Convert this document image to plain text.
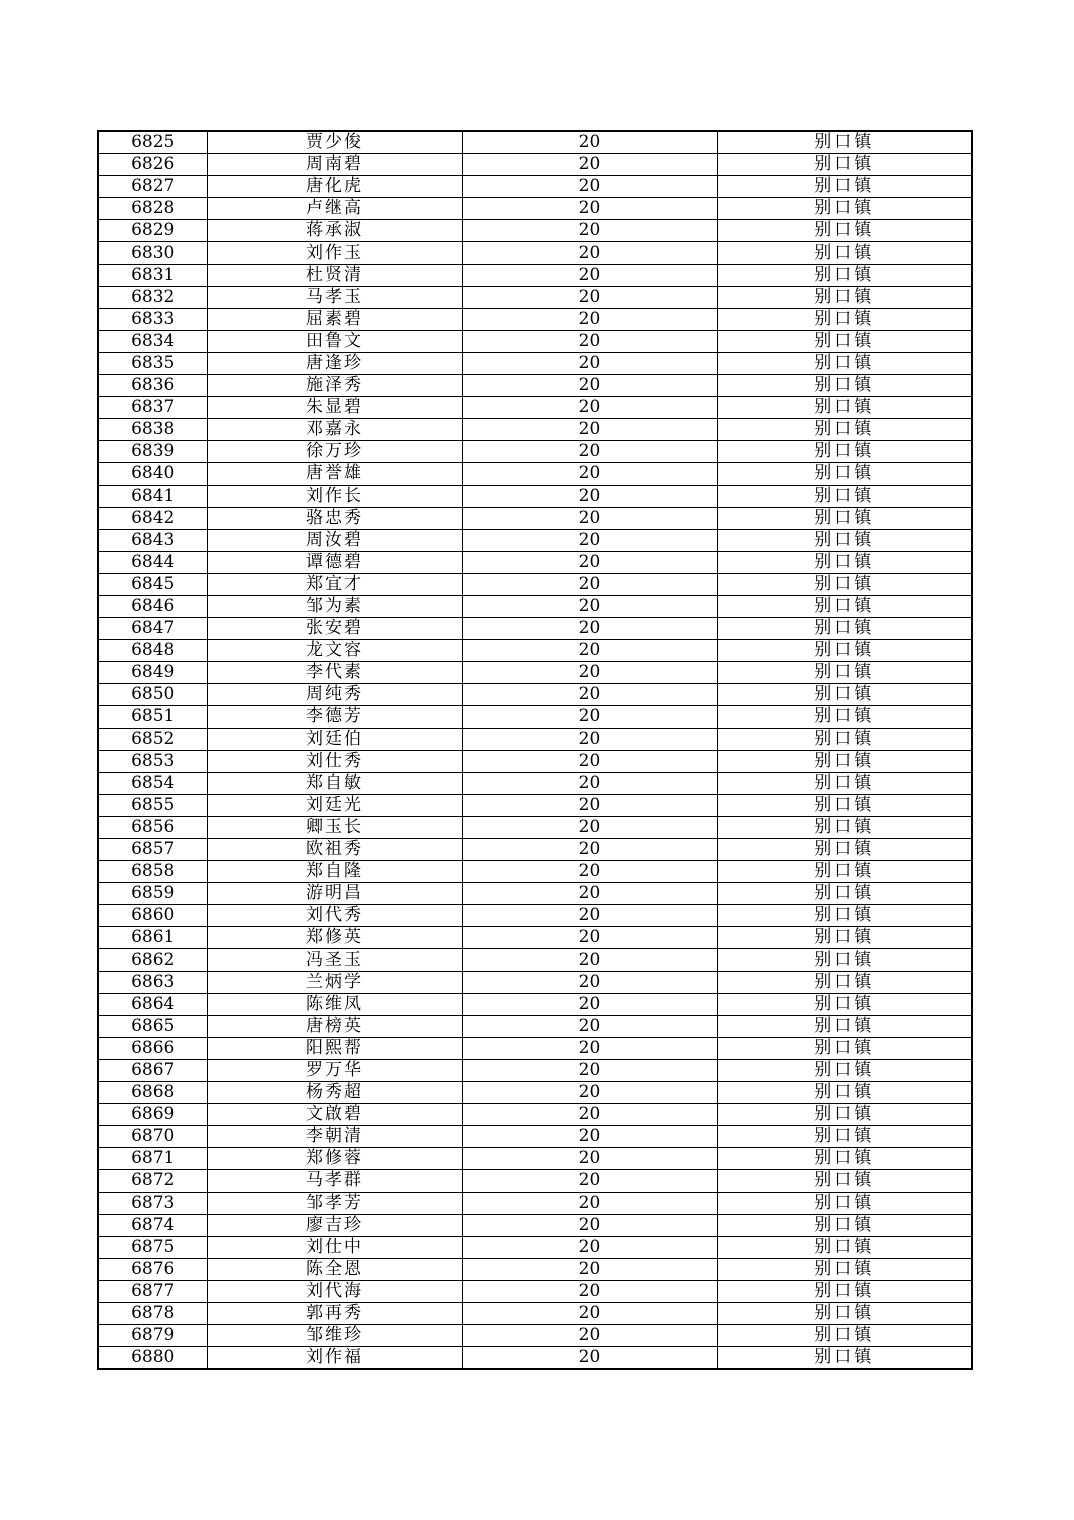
6825	贾少俊	20	别口镇
6826	周南碧	20	别口镇
6827	唐化虎	20	别口镇
6828	卢继高	20	别口镇
6829	蒋承淑	20	别口镇
6830	刘作玉	20	别口镇
6831	杜贤清	20	别口镇
6832	马孝玉	20	别口镇
6833	屈素碧	20	别口镇
6834	田鲁文	20	别口镇
6835	唐逢珍	20	别口镇
6836	施泽秀	20	别口镇
6837	朱显碧	20	别口镇
6838	邓嘉永	20	别口镇
6839	徐万珍	20	别口镇
6840	唐誉雄	20	别口镇
6841	刘作长	20	别口镇
6842	骆忠秀	20	别口镇
6843	周汝碧	20	别口镇
6844	谭德碧	20	别口镇
6845	郑宜才	20	别口镇
6846	邹为素	20	别口镇
6847	张安碧	20	别口镇
6848	龙文容	20	别口镇
6849	李代素	20	别口镇
6850	周纯秀	20	别口镇
6851	李德芳	20	别口镇
6852	刘廷伯	20	别口镇
6853	刘仕秀	20	别口镇
6854	郑自敏	20	别口镇
6855	刘廷光	20	别口镇
6856	卿玉长	20	别口镇
6857	欧祖秀	20	别口镇
6858	郑自隆	20	别口镇
6859	游明昌	20	别口镇
6860	刘代秀	20	别口镇
6861	郑修英	20	别口镇
6862	冯圣玉	20	别口镇
6863	兰炳学	20	别口镇
6864	陈维凤	20	别口镇
6865	唐榜英	20	别口镇
6866	阳熙帮	20	别口镇
6867	罗万华	20	别口镇
6868	杨秀超	20	别口镇
6869	文啟碧	20	别口镇
6870	李朝清	20	别口镇
6871	郑修蓉	20	别口镇
6872	马孝群	20	别口镇
6873	邹孝芳	20	别口镇
6874	廖吉珍	20	别口镇
6875	刘仕中	20	别口镇
6876	陈全恩	20	别口镇
6877	刘代海	20	别口镇
6878	郭再秀	20	别口镇
6879	邹维珍	20	别口镇
6880	刘作福	20	别口镇
